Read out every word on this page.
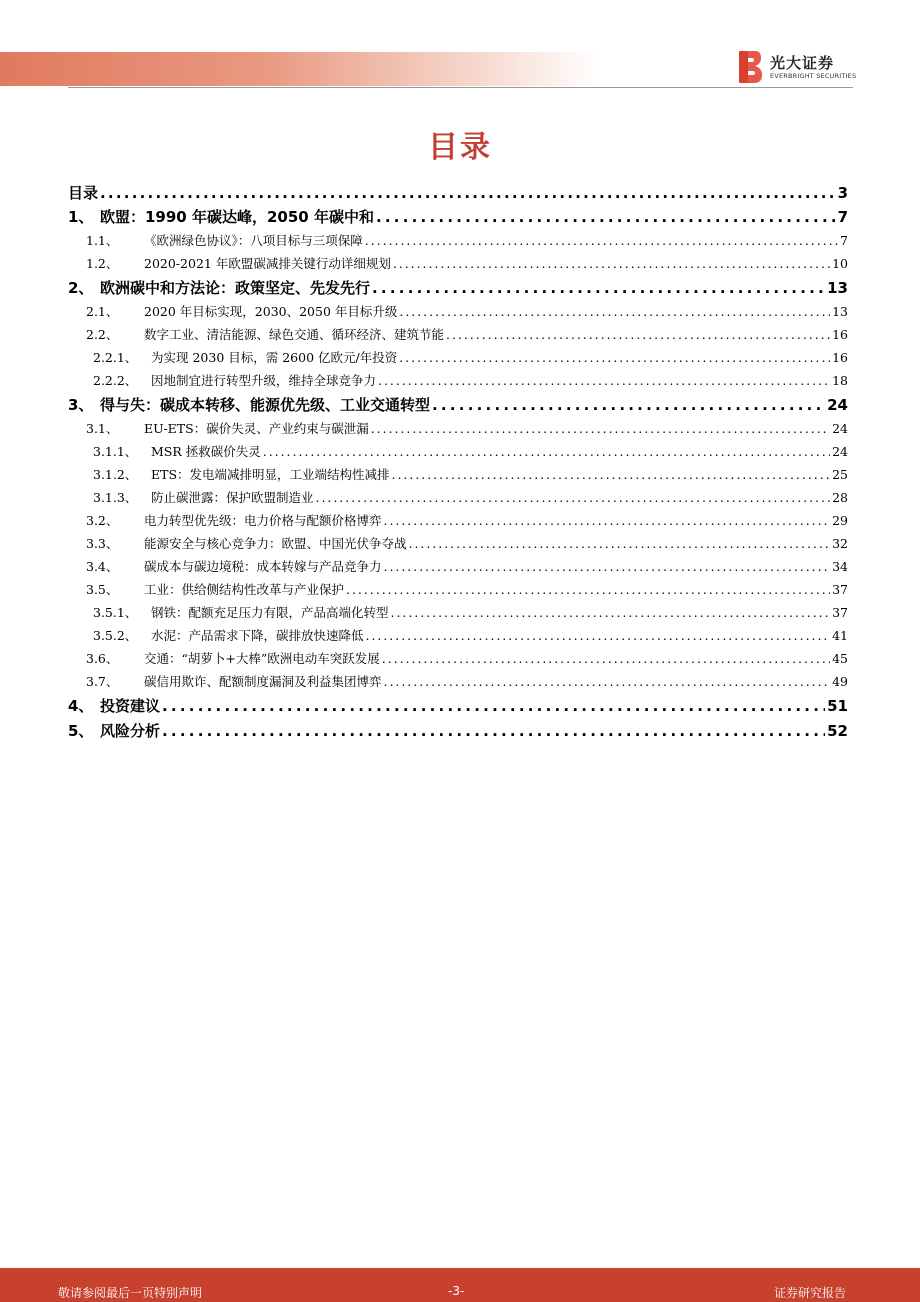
光大证券
EVERBRIGHT SECURITIES
目录
目录 . . .	3
1、 欧盟：1990 年碳达峰，2050 年碳中和 . . .	7
1.1、	《欧洲绿色协议》：八项目标与三项保障 . . .	7
1.2、	2020-2021 年欧盟碳减排关键行动详细规划 . . .	10
2、 欧洲碳中和方法论：政策坚定、先发先行 . . .	13
2.1、	2020 年目标实现，2030、2050 年目标升级 . . .	13
2.2、	数字工业、清洁能源、绿色交通、循环经济、建筑节能 . . .	16
2.2.1、	为实现 2030 目标，需 2600 亿欧元/年投资 . . .	16
2.2.2、	因地制宜进行转型升级，维持全球竞争力 . . .	18
3、 得与失：碳成本转移、能源优先级、工业交通转型 . . .	24
3.1、	EU-ETS：碳价失灵、产业约束与碳泄漏 . . .	24
3.1.1、	MSR 拯救碳价失灵 . . .	24
3.1.2、	ETS：发电端减排明显，工业端结构性减排 . . .	25
3.1.3、	防止碳泄露：保护欧盟制造业 . . .	28
3.2、	电力转型优先级：电力价格与配额价格博弈 . . .	29
3.3、	能源安全与核心竞争力：欧盟、中国光伏争夺战 . . .	32
3.4、	碳成本与碳边境税：成本转嫁与产品竞争力 . . .	34
3.5、	工业：供给侧结构性改革与产业保护 . . .	37
3.5.1、	钢铁：配额充足压力有限，产品高端化转型 . . .	37
3.5.2、	水泥：产品需求下降，碳排放快速降低 . . .	41
3.6、	交通：“胡萝卜+大棒”欧洲电动车突跃发展 . . .	45
3.7、	碳信用欺诈、配额制度漏洞及利益集团博弈 . . .	49
4、 投资建议 . . .	51
5、 风险分析 . . .	52
敬请参阅最后一页特别声明	-3-	证券研究报告
